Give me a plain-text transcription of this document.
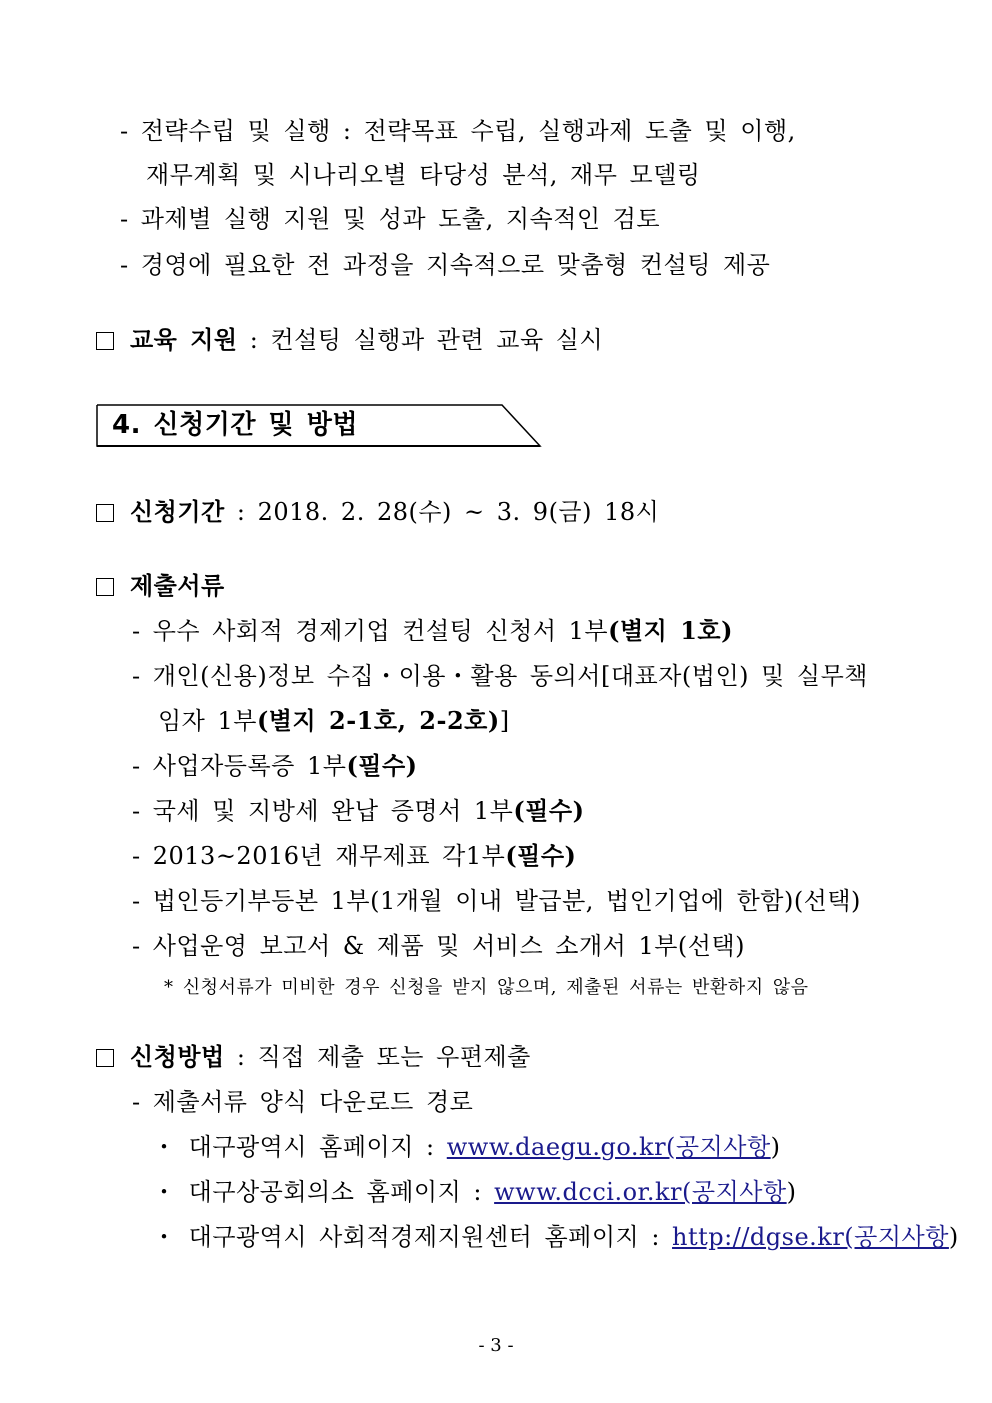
- 전략수립 및 실행 : 전략목표 수립, 실행과제 도출 및 이행,
재무계획 및 시나리오별 타당성 분석, 재무 모델링
- 과제별 실행 지원 및 성과 도출, 지속적인 검토
- 경영에 필요한 전 과정을 지속적으로 맞춤형 컨설팅 제공
교육 지원 : 컨설팅 실행과 관련 교육 실시
4. 신청기간 및 방법
신청기간 : 2018. 2. 28(수) ~ 3. 9(금) 18시
제출서류
- 우수 사회적 경제기업 컨설팅 신청서 1부(별지 1호)
- 개인(신용)정보 수집・이용・활용 동의서[대표자(법인) 및 실무책
임자 1부(별지 2-1호, 2-2호)]
- 사업자등록증 1부(필수)
- 국세 및 지방세 완납 증명서 1부(필수)
- 2013~2016년 재무제표 각1부(필수)
- 법인등기부등본 1부(1개월 이내 발급분, 법인기업에 한함)(선택)
- 사업운영 보고서 & 제품 및 서비스 소개서 1부(선택)
* 신청서류가 미비한 경우 신청을 받지 않으며, 제출된 서류는 반환하지 않음
신청방법 : 직접 제출 또는 우편제출
- 제출서류 양식 다운로드 경로
・ 대구광역시 홈페이지 : www.daegu.go.kr(공지사항)
・ 대구상공회의소 홈페이지 : www.dcci.or.kr(공지사항)
・ 대구광역시 사회적경제지원센터 홈페이지 : http://dgse.kr(공지사항)
- 3 -
